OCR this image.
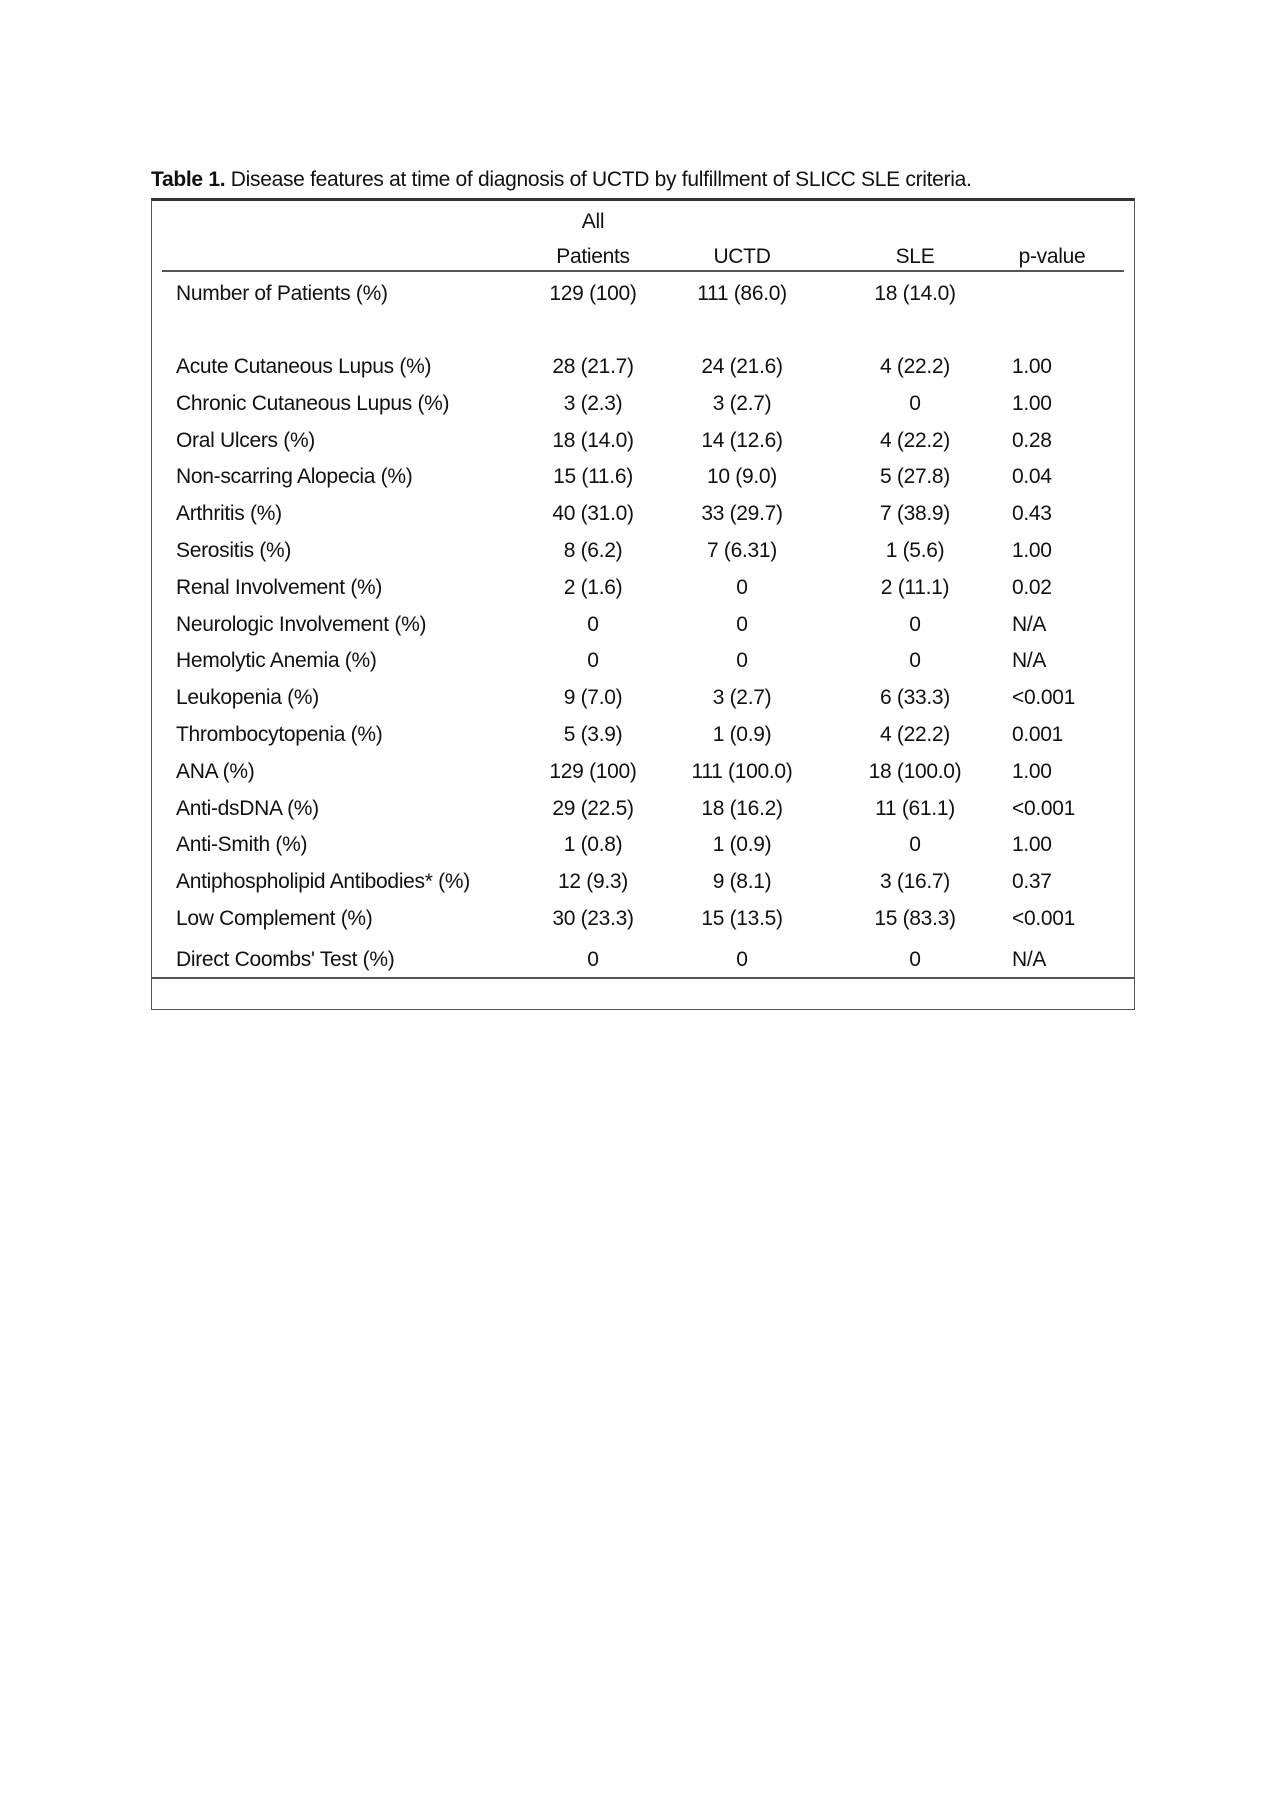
Table 1. Disease features at time of diagnosis of UCTD by fulfillment of SLICC SLE criteria.
All
Patients	UCTD	SLE	p-value
Number of Patients (%)	129 (100)	111 (86.0)	18 (14.0)
Acute Cutaneous Lupus (%)	28 (21.7)	24 (21.6)	4 (22.2)	1.00
Chronic Cutaneous Lupus (%)	3 (2.3)	3 (2.7)	0	1.00
Oral Ulcers (%)	18 (14.0)	14 (12.6)	4 (22.2)	0.28
Non-scarring Alopecia (%)	15 (11.6)	10 (9.0)	5 (27.8)	0.04
Arthritis (%)	40 (31.0)	33 (29.7)	7 (38.9)	0.43
Serositis (%)	8 (6.2)	7 (6.31)	1 (5.6)	1.00
Renal Involvement (%)	2 (1.6)	0	2 (11.1)	0.02
Neurologic Involvement (%)	0	0	0	N/A
Hemolytic Anemia (%)	0	0	0	N/A
Leukopenia (%)	9 (7.0)	3 (2.7)	6 (33.3)	<0.001
Thrombocytopenia (%)	5 (3.9)	1 (0.9)	4 (22.2)	0.001
ANA (%)	129 (100)	111 (100.0)	18 (100.0) 1.00
Anti-dsDNA (%)	29 (22.5)	18 (16.2)	11 (61.1)	<0.001
Anti-Smith (%)	1 (0.8)	1 (0.9)	0	1.00
Antiphospholipid Antibodies* (%)	12 (9.3)	9 (8.1)	3 (16.7)	0.37
Low Complement (%)	30 (23.3)	15 (13.5)	15 (83.3)	<0.001
Direct Coombs' Test (%)	0	0	0	N/A
